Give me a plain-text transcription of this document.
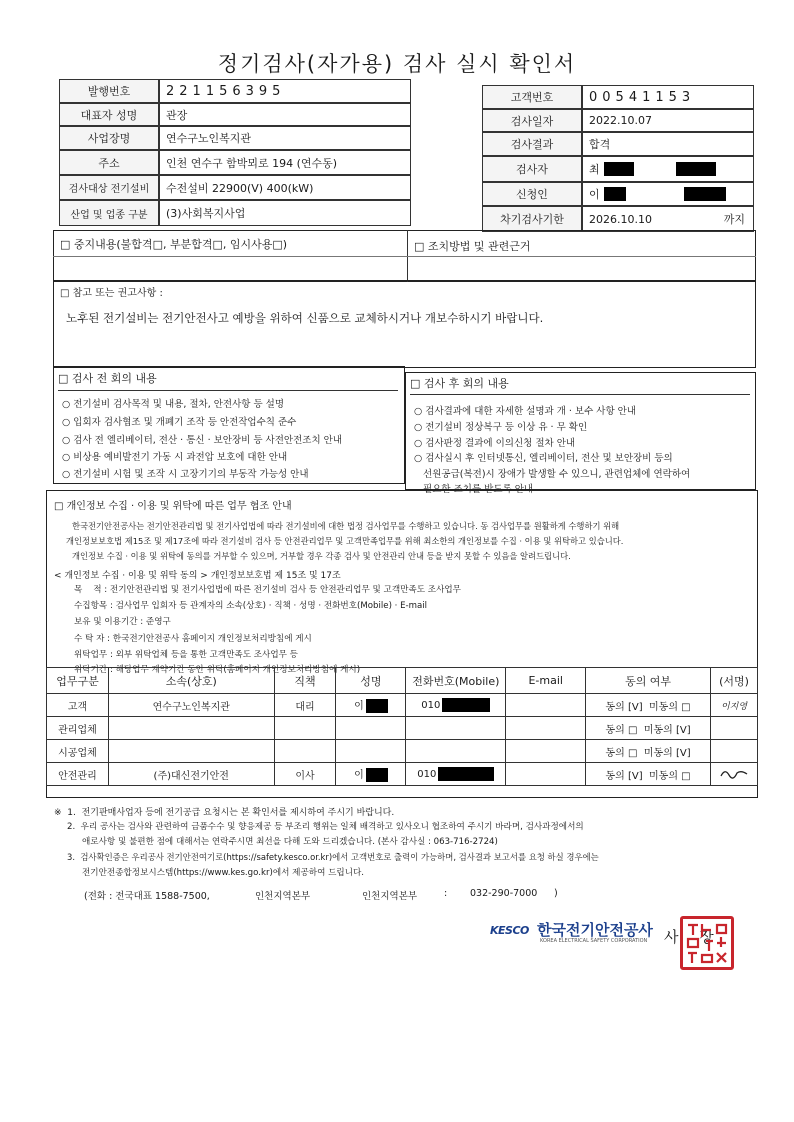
정기검사(자가용) 검사 실시 확인서
발행번호	221156395	고객번호	00541153
대표자 성명	관장
사업장명	연수구노인복지관
주소	인천 연수구 함박뫼로 194 (연수동)
검사대상 전기설비	수전설비 22900(V) 400(kW)
산업 및 업종 구분	(3)사회복지사업
검사일자	2022.10.07
검사결과	합격
검사자	최
신청인	이
차기검사기한	2026.10.10	까지
□ 중지내용(불합격□, 부분합격□, 임시사용□)	□ 조치방법 및 관련근거
□ 참고 또는 권고사항 :
노후된 전기설비는 전기안전사고 예방을 위하여 신품으로 교체하시거나 개보수하시기 바랍니다.
□ 검사 전 회의 내용	□ 검사 후 회의 내용
○ 전기설비 검사목적 및 내용, 절차, 안전사항 등 설명
○ 입회자 검사협조 및 개폐기 조작 등 안전작업수칙 준수
○ 검사 전 엘리베이터, 전산 · 통신 · 보안장비 등 사전안전조치 안내
○ 비상용 예비발전기 가동 시 과전압 보호에 대한 안내
○ 전기설비 시험 및 조작 시 고장기기의 부동작 가능성 안내
○ 검사결과에 대한 자세한 설명과 개 · 보수 사항 안내
○ 전기설비 정상복구 등 이상 유 · 무 확인
○ 검사판정 결과에 이의신청 절차 안내
○ 검사실시 후 인터넷통신, 엘리베이터, 전산 및 보안장비 등의
선원공급(복전)시 장애가 발생할 수 있으니, 관련업체에 연락하여
필요한 조치를 받도록 안내
□ 개인정보 수집 · 이용 및 위탁에 따른 업무 협조 안내
한국전기안전공사는 전기안전관리법 및 전기사업법에 따라 전기설비에 대한 법정 검사업무를 수행하고 있습니다. 동 검사업무를 원활하게 수행하기 위해
개인정보보호법 제15조 및 제17조에 따라 전기설비 검사 등 안전관리업무 및 고객만족업무를 위해 최소한의 개인정보를 수집 · 이용 및 위탁하고 있습니다.
개인정보 수집 · 이용 및 위탁에 동의를 거부할 수 있으며, 거부할 경우 각종 검사 및 안전관리 안내 등을 받지 못할 수 있음을 알려드립니다.
< 개인정보 수집 · 이용 및 위탁 동의 > 개인정보보호법 제 15조 및 17조
목    적 : 전기안전관리법 및 전기사업법에 따른 전기설비 검사 등 안전관리업무 및 고객만족도 조사업무
수집항목 : 검사업무 입회자 등 관계자의 소속(상호) · 직책 · 성명 · 전화번호(Mobile) · E-mail
보유 및 이용기간 : 준영구
수 탁 자 : 한국전기안전공사 홈페이지 개인정보처리방침에 게시
위탁업무 : 외부 위탁업체 등을 통한 고객만족도 조사업무 등
위탁기간 : 해당업무 계약기간 동안 위탁(홈페이지 개인정보처리방침에 게시)
업무구분	소속(상호)	직책	성명	전화번호(Mobile)	E-mail	동의 여부	(서명)
고객	연수구노인복지관	대리	이	010		동의 [V] 미동의 □	이지영
관리업체						동의 □ 미동의 [V]	
시공업체						동의 □ 미동의 [V]	
안전관리	(주)대신전기안전	이사	이	010		동의 [V] 미동의 □	
※  1.  전기판매사업자 등에 전기공급 요청시는 본 확인서를 제시하여 주시기 바랍니다.
2.  우리 공사는 검사와 관련하여 금품수수 및 향응제공 등 부조리 행위는 일체 배격하고 있사오니 협조하여 주시기 바라며, 검사과정에서의
애로사항 및 불편한 점에 대해서는 연락주시면 최선을 다해 도와 드리겠습니다. (본사 감사실 : 063-716-2724)
3.  검사확인증은 우리공사 전기안전여기로(https://safety.kesco.or.kr)에서 고객번호로 출력이 가능하며, 검사결과 보고서를 요청 하실 경우에는
전기안전종합정보시스템(https://www.kes.go.kr)에서 제공하여 드립니다.
(전화 : 전국대표 1588-7500,	인천지역본부	인천지역본부	: 032-290-7000 )
KESCO 한국전기안전공사
KOREA ELECTRICAL SAFETY CORPORATION 사 장
